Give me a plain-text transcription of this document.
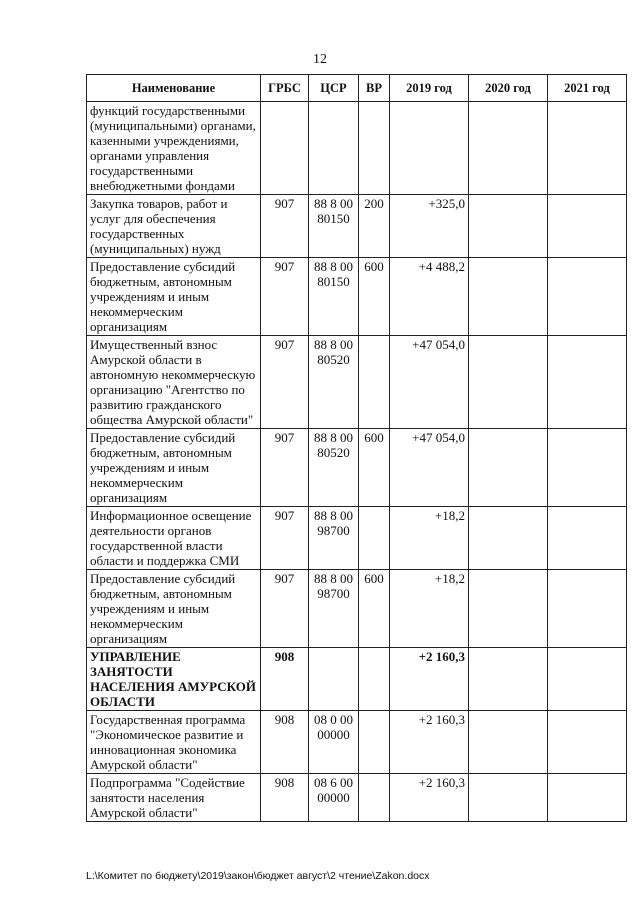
12
Наименование	ГРБС	ЦСР	ВР	2019 год	2020 год	2021 год
функций государственными (муниципальными) органами, казенными учреждениями, органами управления государственными внебюджетными фондами						
Закупка товаров, работ и услуг для обеспечения государственных (муниципальных) нужд	907	88 8 00 80150	200	+325,0		
Предоставление субсидий бюджетным, автономным учреждениям и иным некоммерческим организациям	907	88 8 00 80150	600	+4 488,2		
Имущественный взнос Амурской области в автономную некоммерческую организацию "Агентство по развитию гражданского общества Амурской области"	907	88 8 00 80520		+47 054,0		
Предоставление субсидий бюджетным, автономным учреждениям и иным некоммерческим организациям	907	88 8 00 80520	600	+47 054,0		
Информационное освещение деятельности органов государственной власти области и поддержка СМИ	907	88 8 00 98700		+18,2		
Предоставление субсидий бюджетным, автономным учреждениям и иным некоммерческим организациям	907	88 8 00 98700	600	+18,2		
УПРАВЛЕНИЕ ЗАНЯТОСТИ НАСЕЛЕНИЯ АМУРСКОЙ ОБЛАСТИ	908			+2 160,3		
Государственная программа "Экономическое развитие и инновационная экономика Амурской области"	908	08 0 00 00000		+2 160,3		
Подпрограмма "Содействие занятости населения Амурской области"	908	08 6 00 00000		+2 160,3		
L:\Комитет по бюджету\2019\закон\бюджет август\2 чтение\Zakon.docx
